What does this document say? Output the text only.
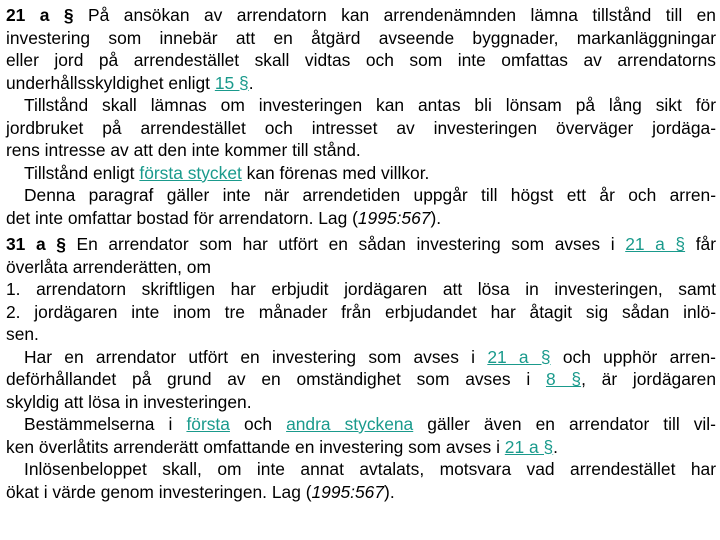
21 a § På ansökan av arrendatorn kan arrendenämnden lämna tillstånd till en
investering som innebär att en åtgärd avseende byggnader, markanläggningar
eller jord på arrendestället skall vidtas och som inte omfattas av arrendatorns
underhållsskyldighet enligt 15 §.
Tillstånd skall lämnas om investeringen kan antas bli lönsam på lång sikt för
jordbruket på arrendestället och intresset av investeringen överväger jordäga-
rens intresse av att den inte kommer till stånd.
Tillstånd enligt första stycket kan förenas med villkor.
Denna paragraf gäller inte när arrendetiden uppgår till högst ett år och arren-
det inte omfattar bostad för arrendatorn. Lag (1995:567).
31 a § En arrendator som har utfört en sådan investering som avses i 21 a § får
överlåta arrenderätten, om
1. arrendatorn skriftligen har erbjudit jordägaren att lösa in investeringen, samt
2. jordägaren inte inom tre månader från erbjudandet har åtagit sig sådan inlö-
sen.
Har en arrendator utfört en investering som avses i 21 a § och upphör arren-
deförhållandet på grund av en omständighet som avses i 8 §, är jordägaren
skyldig att lösa in investeringen.
Bestämmelserna i första och andra styckena gäller även en arrendator till vil-
ken överlåtits arrenderätt omfattande en investering som avses i 21 a §.
Inlösenbeloppet skall, om inte annat avtalats, motsvara vad arrendestället har
ökat i värde genom investeringen. Lag (1995:567).
